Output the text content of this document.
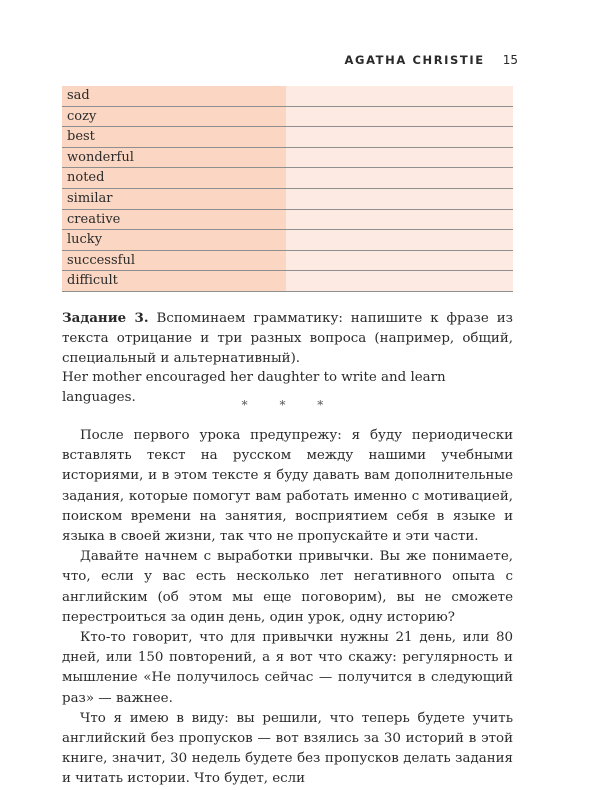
AGATHA CHRISTIE 15
sad
cozy
best
wonderful
noted
similar
creative
lucky
successful
difficult
Задание 3. Вспоминаем грамматику: напишите к фразе из текста отрицание и три разных вопроса (например, общий, специальный и альтернативный).
Her mother encouraged her daughter to write and learn languages.	* * *

После первого урока предупрежу: я буду периодически вставлять текст на русском между нашими учебными историями, и в этом тексте я буду давать вам дополнительные задания, которые помогут вам работать именно с мотивацией, поиском времени на занятия, восприятием себя в языке и языка в своей жизни, так что не пропускайте и эти части.

Давайте начнем с выработки привычки. Вы же понимаете, что, если у вас есть несколько лет негативного опыта с английским (об этом мы еще поговорим), вы не сможете перестроиться за один день, один урок, одну историю?

Кто-то говорит, что для привычки нужны 21 день, или 80 дней, или 150 повторений, а я вот что скажу: регулярность и мышление «Не получилось сейчас — получится в следующий раз» — важнее.

Что я имею в виду: вы решили, что теперь будете учить английский без пропусков — вот взялись за 30 историй в этой книге, значит, 30 недель будете без пропусков делать задания и читать истории. Что будет, если
